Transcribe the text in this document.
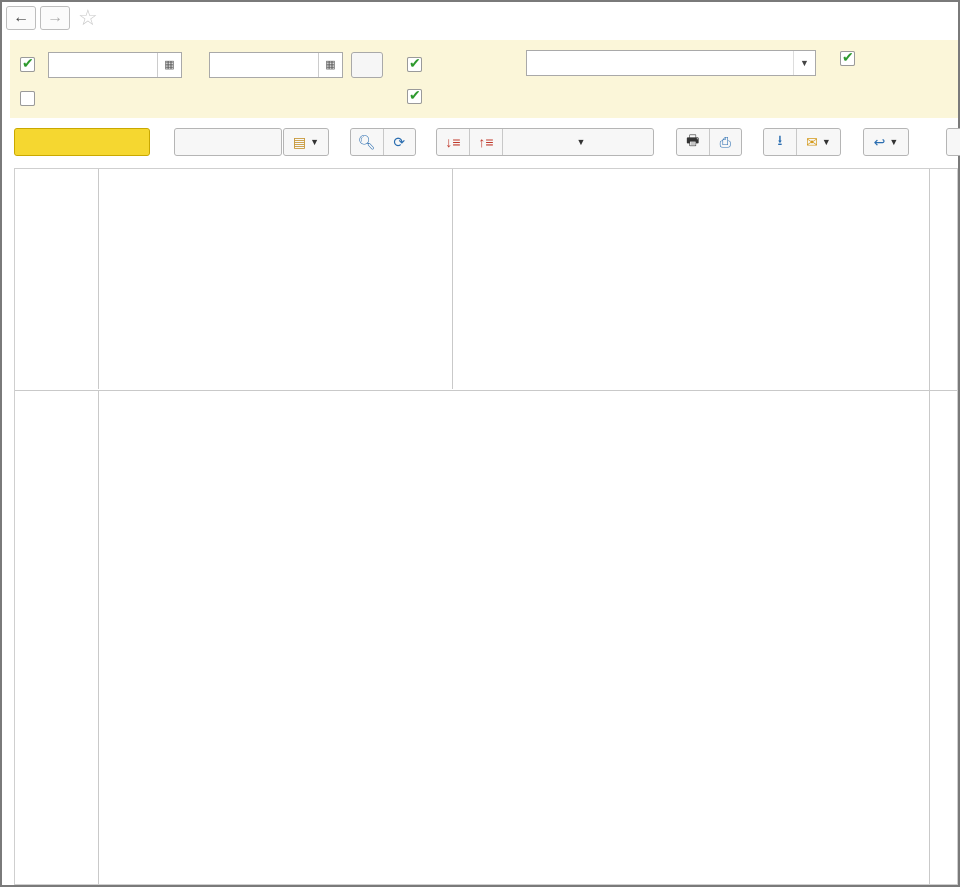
← → ☆
✔
▦	▦
✔	▼
✔
✔
▤ ▼	🔍︎ ⟳	↓≡ ↑≡	▼	🖶 ⎙	⭳ ✉ ▼	↩ ▼
